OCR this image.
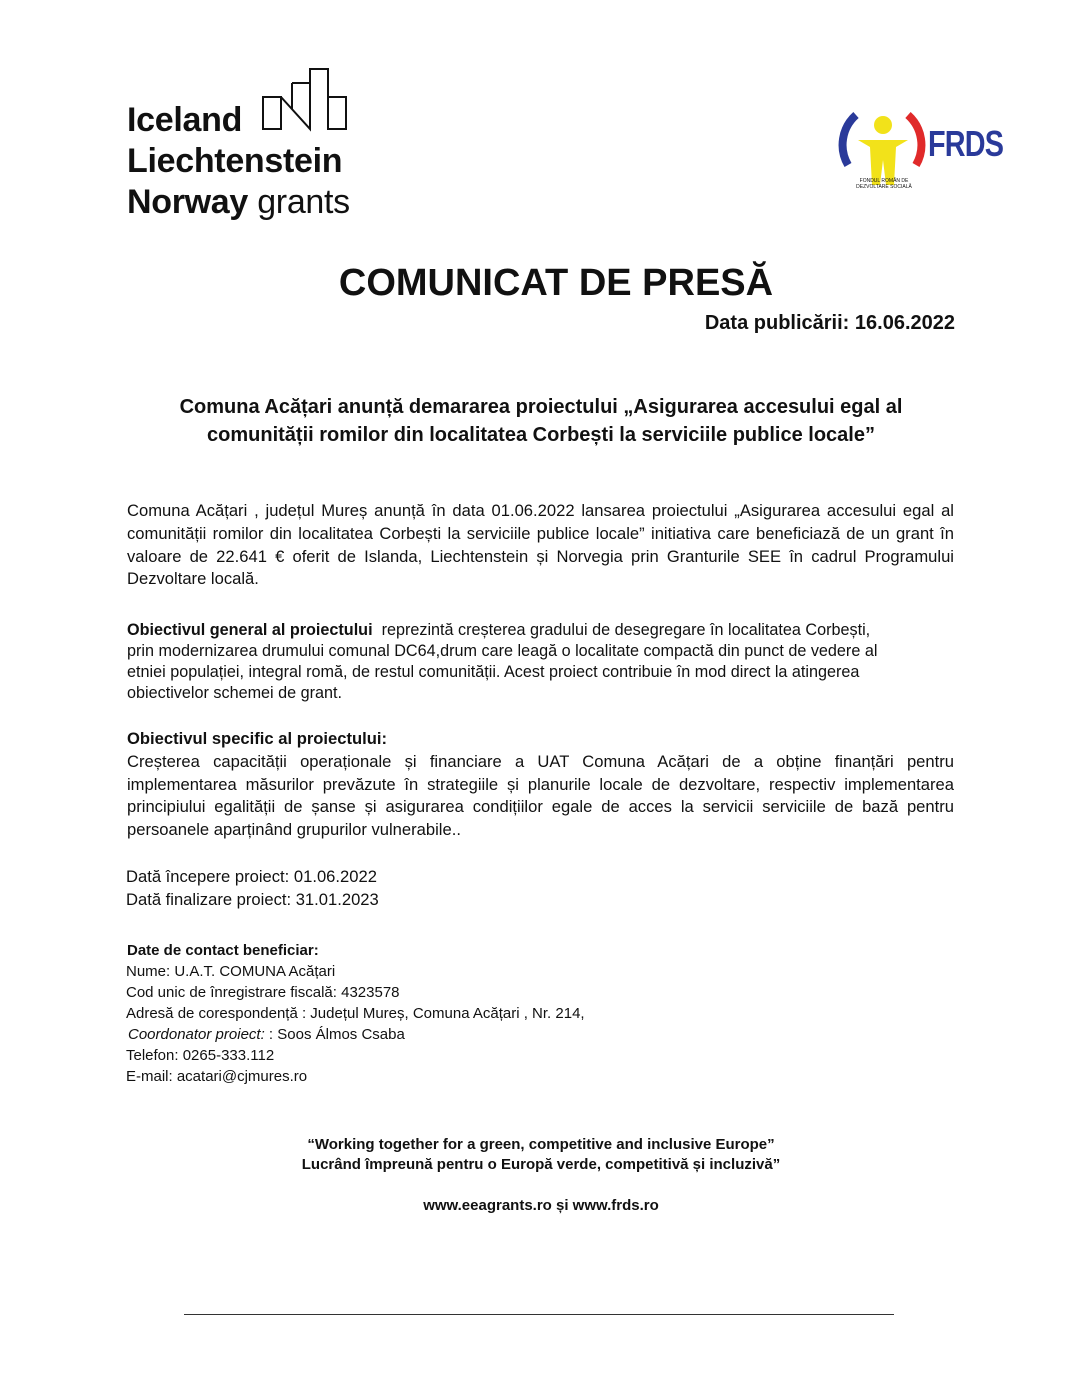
Iceland
Liechtenstein
Norway grants
FRDS
FONDUL ROMÂN DE DEZVOLTARE SOCIALĂ
COMUNICAT DE PRESĂ
Data publicării: 16.06.2022
Comuna Acățari anunță demararea proiectului „Asigurarea accesului egal al
comunității romilor din localitatea Corbești la serviciile publice locale”
Comuna Acățari , județul Mureș anunță în data 01.06.2022 lansarea proiectului „Asigurarea accesului egal al comunității romilor din localitatea Corbești la serviciile publice locale” initiativa care beneficiază de un grant în valoare de 22.641 € oferit de Islanda, Liechtenstein și Norvegia prin Granturile SEE în cadrul Programului Dezvoltare locală.
Obiectivul general al proiectului  reprezintă creșterea gradului de desegregare în localitatea Corbești,
prin modernizarea drumului comunal DC64,drum care leagă o localitate compactă din punct de vedere al
etniei populației, integral romă, de restul comunității. Acest proiect contribuie în mod direct la atingerea
obiectivelor schemei de grant.
Obiectivul specific al proiectului:
Creșterea capacității operaționale și financiare a UAT Comuna Acățari de a obține finanțări pentru implementarea măsurilor prevăzute în strategiile și planurile locale de dezvoltare, respectiv implementarea principiului egalității de șanse și asigurarea condițiilor egale de acces la servicii serviciile de bază pentru persoanele aparținând grupurilor vulnerabile..
Dată începere proiect: 01.06.2022
Dată finalizare proiect: 31.01.2023
Date de contact beneficiar:
Nume: U.A.T. COMUNA Acățari
Cod unic de înregistrare fiscală: 4323578
Adresă de corespondență : Județul Mureș, Comuna Acățari , Nr. 214,
Coordonator proiect: : Soos Álmos Csaba
Telefon: 0265-333.112
E-mail: acatari@cjmures.ro
“Working together for a green, competitive and inclusive Europe”
Lucrând împreună pentru o Europă verde, competitivă și incluzivă”
www.eeagrants.ro și www.frds.ro
